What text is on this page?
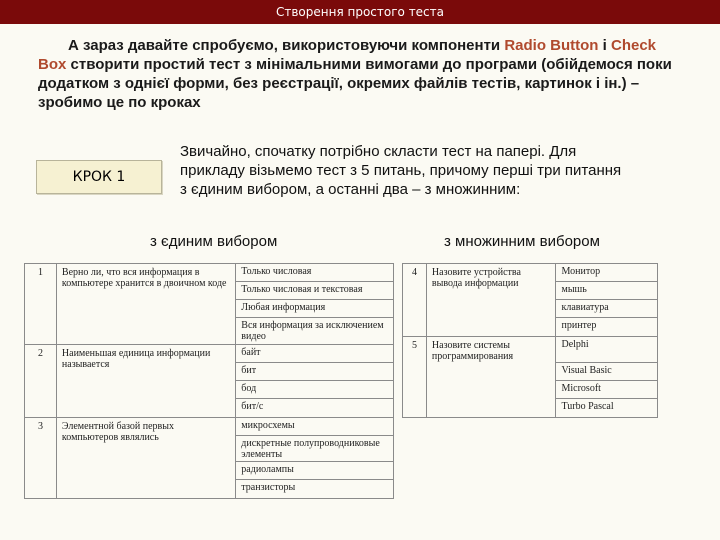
Створення простого теста
А зараз давайте спробуємо, використовуючи компоненти Radio Button і Check Box створити простий тест з мінімальними вимогами до програми (обійдемося поки додатком з однієї форми, без реєстрації, окремих файлів тестів, картинок і ін.) – зробимо це по кроках
КРОК 1
Звичайно, спочатку потрібно скласти тест на папері. Для прикладу візьмемо тест з 5 питань, причому перші три питання з єдиним вибором, а останні два – з множинним:
з єдиним вибором	з множинним вибором
1	Верно ли, что вся информация в компьютере хранится в двоичном коде	Только числовая
Только числовая и текстовая
Любая информация
Вся информация за исключением видео

2	Наименьшая единица информации называется	байт
бит
бод
бит/с

3	Элементной базой первых компьютеров являлись	микросхемы
дискретные полупроводниковые элементы
радиолампы
транзисторы
4	Назовите устройства вывода информации	Монитор
мышь
клавиатура
принтер

5	Назовите системы программирования	Delphi
Visual Basic
Microsoft
Turbo Pascal
